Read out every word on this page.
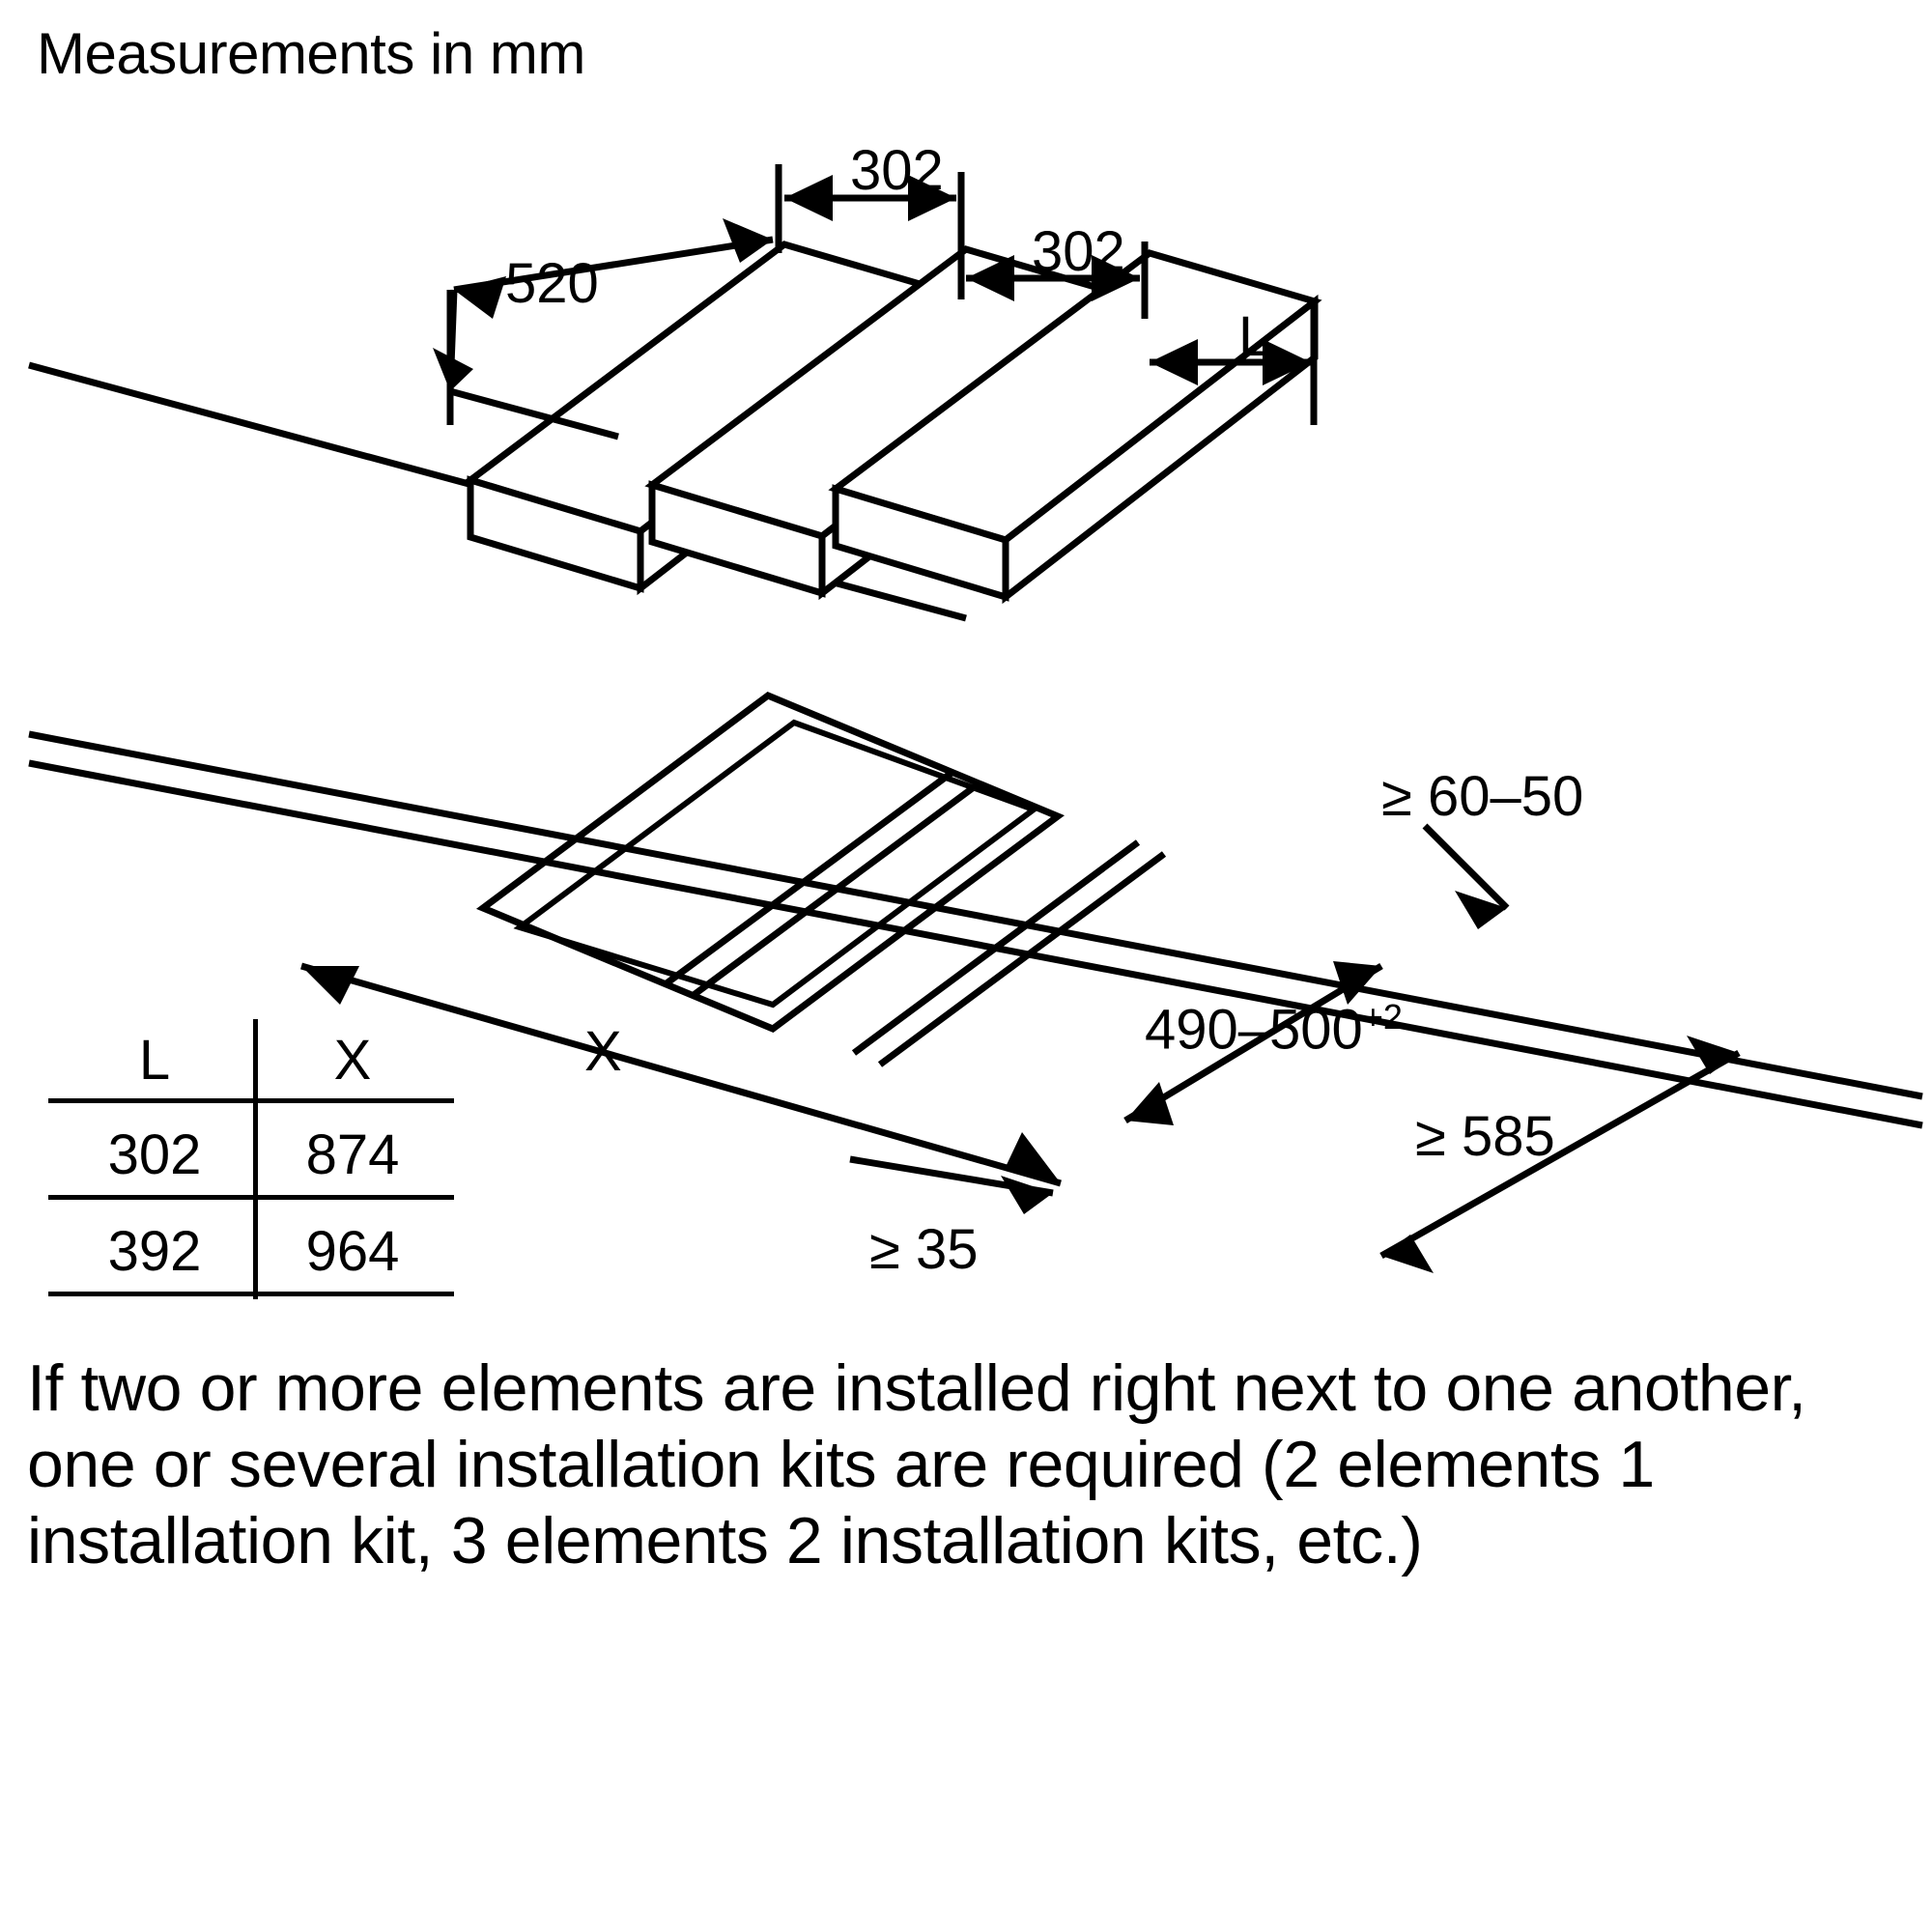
Measurements in mm
520
302
302
L
≥ 60–50
≥ 585
≥ 35
X	$490-500^{+2}$
L	X
302	874
392	964
If two or more elements are installed right next to one another, one or several installation kits are required (2 elements 1 installation kit, 3 elements 2 installation kits, etc.)
